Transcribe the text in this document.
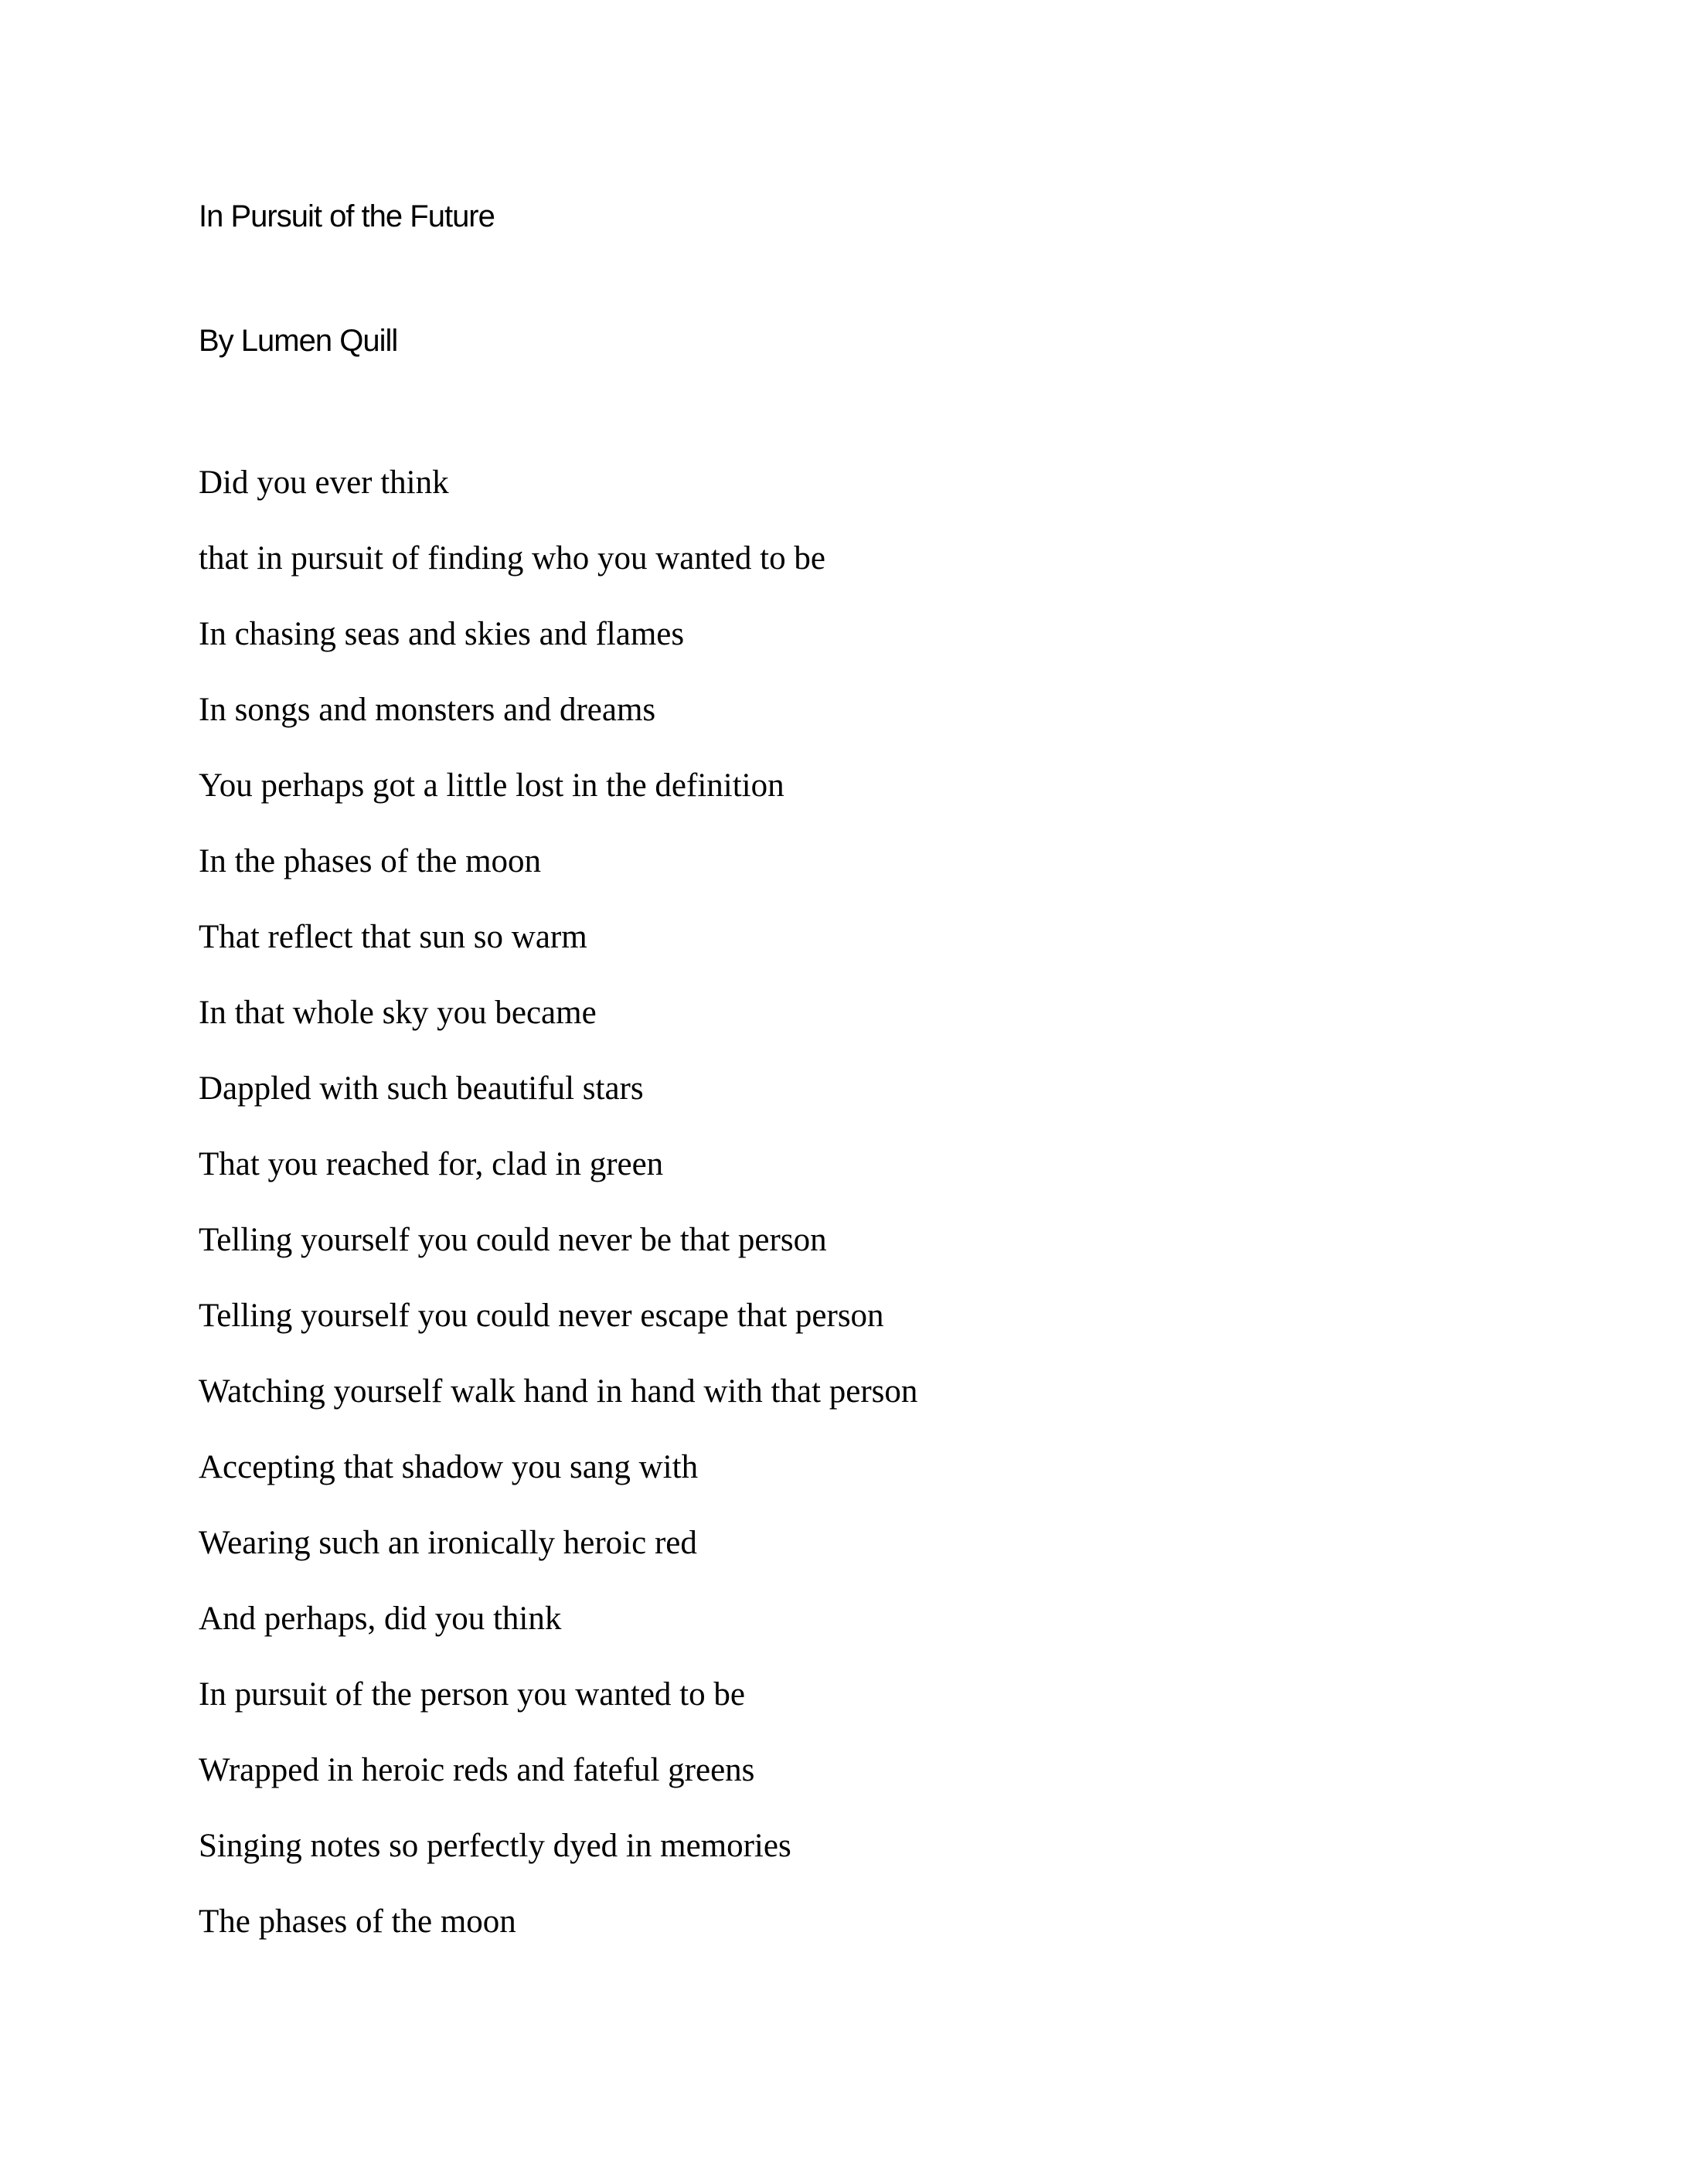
In Pursuit of the Future
By Lumen Quill

Did you ever think

that in pursuit of finding who you wanted to be

In chasing seas and skies and flames

In songs and monsters and dreams

You perhaps got a little lost in the definition

In the phases of the moon

That reflect that sun so warm

In that whole sky you became

Dappled with such beautiful stars

That you reached for, clad in green

Telling yourself you could never be that person

Telling yourself you could never escape that person

Watching yourself walk hand in hand with that person

Accepting that shadow you sang with

Wearing such an ironically heroic red

And perhaps, did you think

In pursuit of the person you wanted to be

Wrapped in heroic reds and fateful greens

Singing notes so perfectly dyed in memories

The phases of the moon
